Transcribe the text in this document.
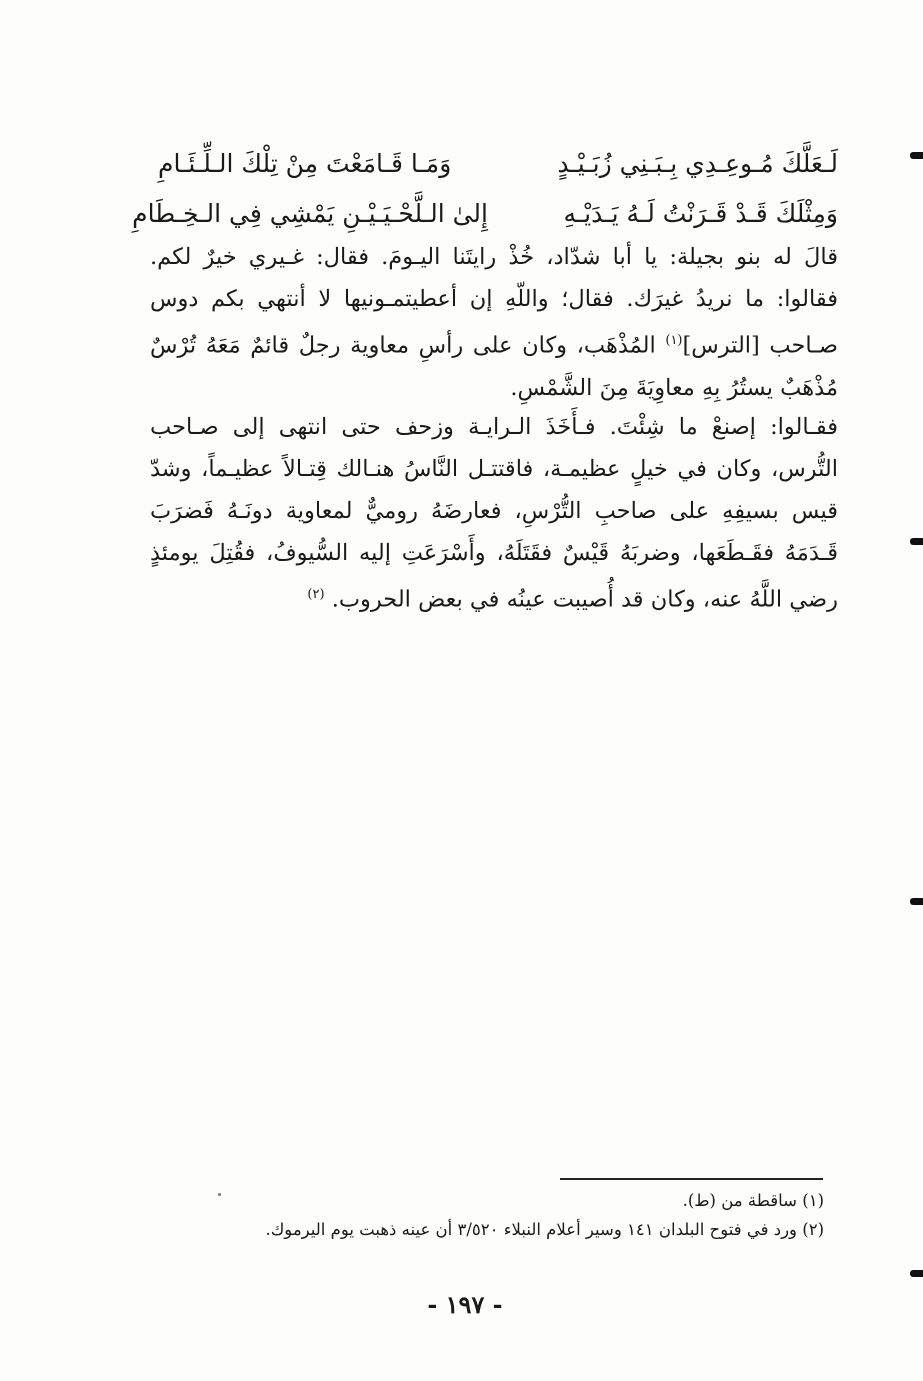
لَـعَلَّكَ مُـوعِـدِي بِـبَـنِي زُبَـيْـدٍ
وَمَـا قَـامَعْتَ مِنْ تِلْكَ الـلِّـئَـامِ
وَمِثْلَكَ قَـدْ قَـرَنْتُ لَـهُ يَـدَيْـهِ
إِلىٰ الـلَّحْـيَـيْـنِ يَمْشِي فِي الـخِـطَامِ

قالَ له بنو بجيلة: يا أبا شدّاد، خُذْ رايتَنا اليـومَ. فقال: غـيري خيرٌ لكم. فقالوا: ما نريدُ غيرَك. فقال؛ واللّهِ إن أعطيتمـونيها لا أنتهي بكم دوس صـاحب [الترس]$^{(١)}$ المُذْهَب، وكان على رأسِ معاوية رجلٌ قائمٌ مَعَهُ تُرْسٌ مُذْهَبٌ يستُرُ بِهِ معاوِيَةَ مِنَ الشَّمْسِ.

فقـالوا: إصنعْ ما شِئْتَ. فـأَخَذَ الـرايـة وزحف حتى انتهى إلى صـاحب التُّرس، وكان في خيلٍ عظيمـة، فاقتتـل النَّاسُ هنـالك قِتـالاً عظيـماً، وشدّ قيس بسيفِهِ على صاحبِ التُّرْسِ، فعارضَهُ روميٌّ لمعاوية دونَـهُ فَضرَبَ قَـدَمَهُ فقَـطَعَها، وضربَهُ قَيْسٌ فقَتَلَهُ، وأَسْرَعَتِ إليه السُّيوفُ، فقُتِلَ يومئذٍ رضي اللَّهُ عنه، وكان قد أُصيبت عينُه في بعض الحروب. $^{(٢)}$

(١) ساقطة من (ط).
(٢) ورد في فتوح البلدان ١٤١ وسير أعلام النبلاء ٣/٥٢٠ أن عينه ذهبت يوم اليرموك.
- ١٩٧ -
